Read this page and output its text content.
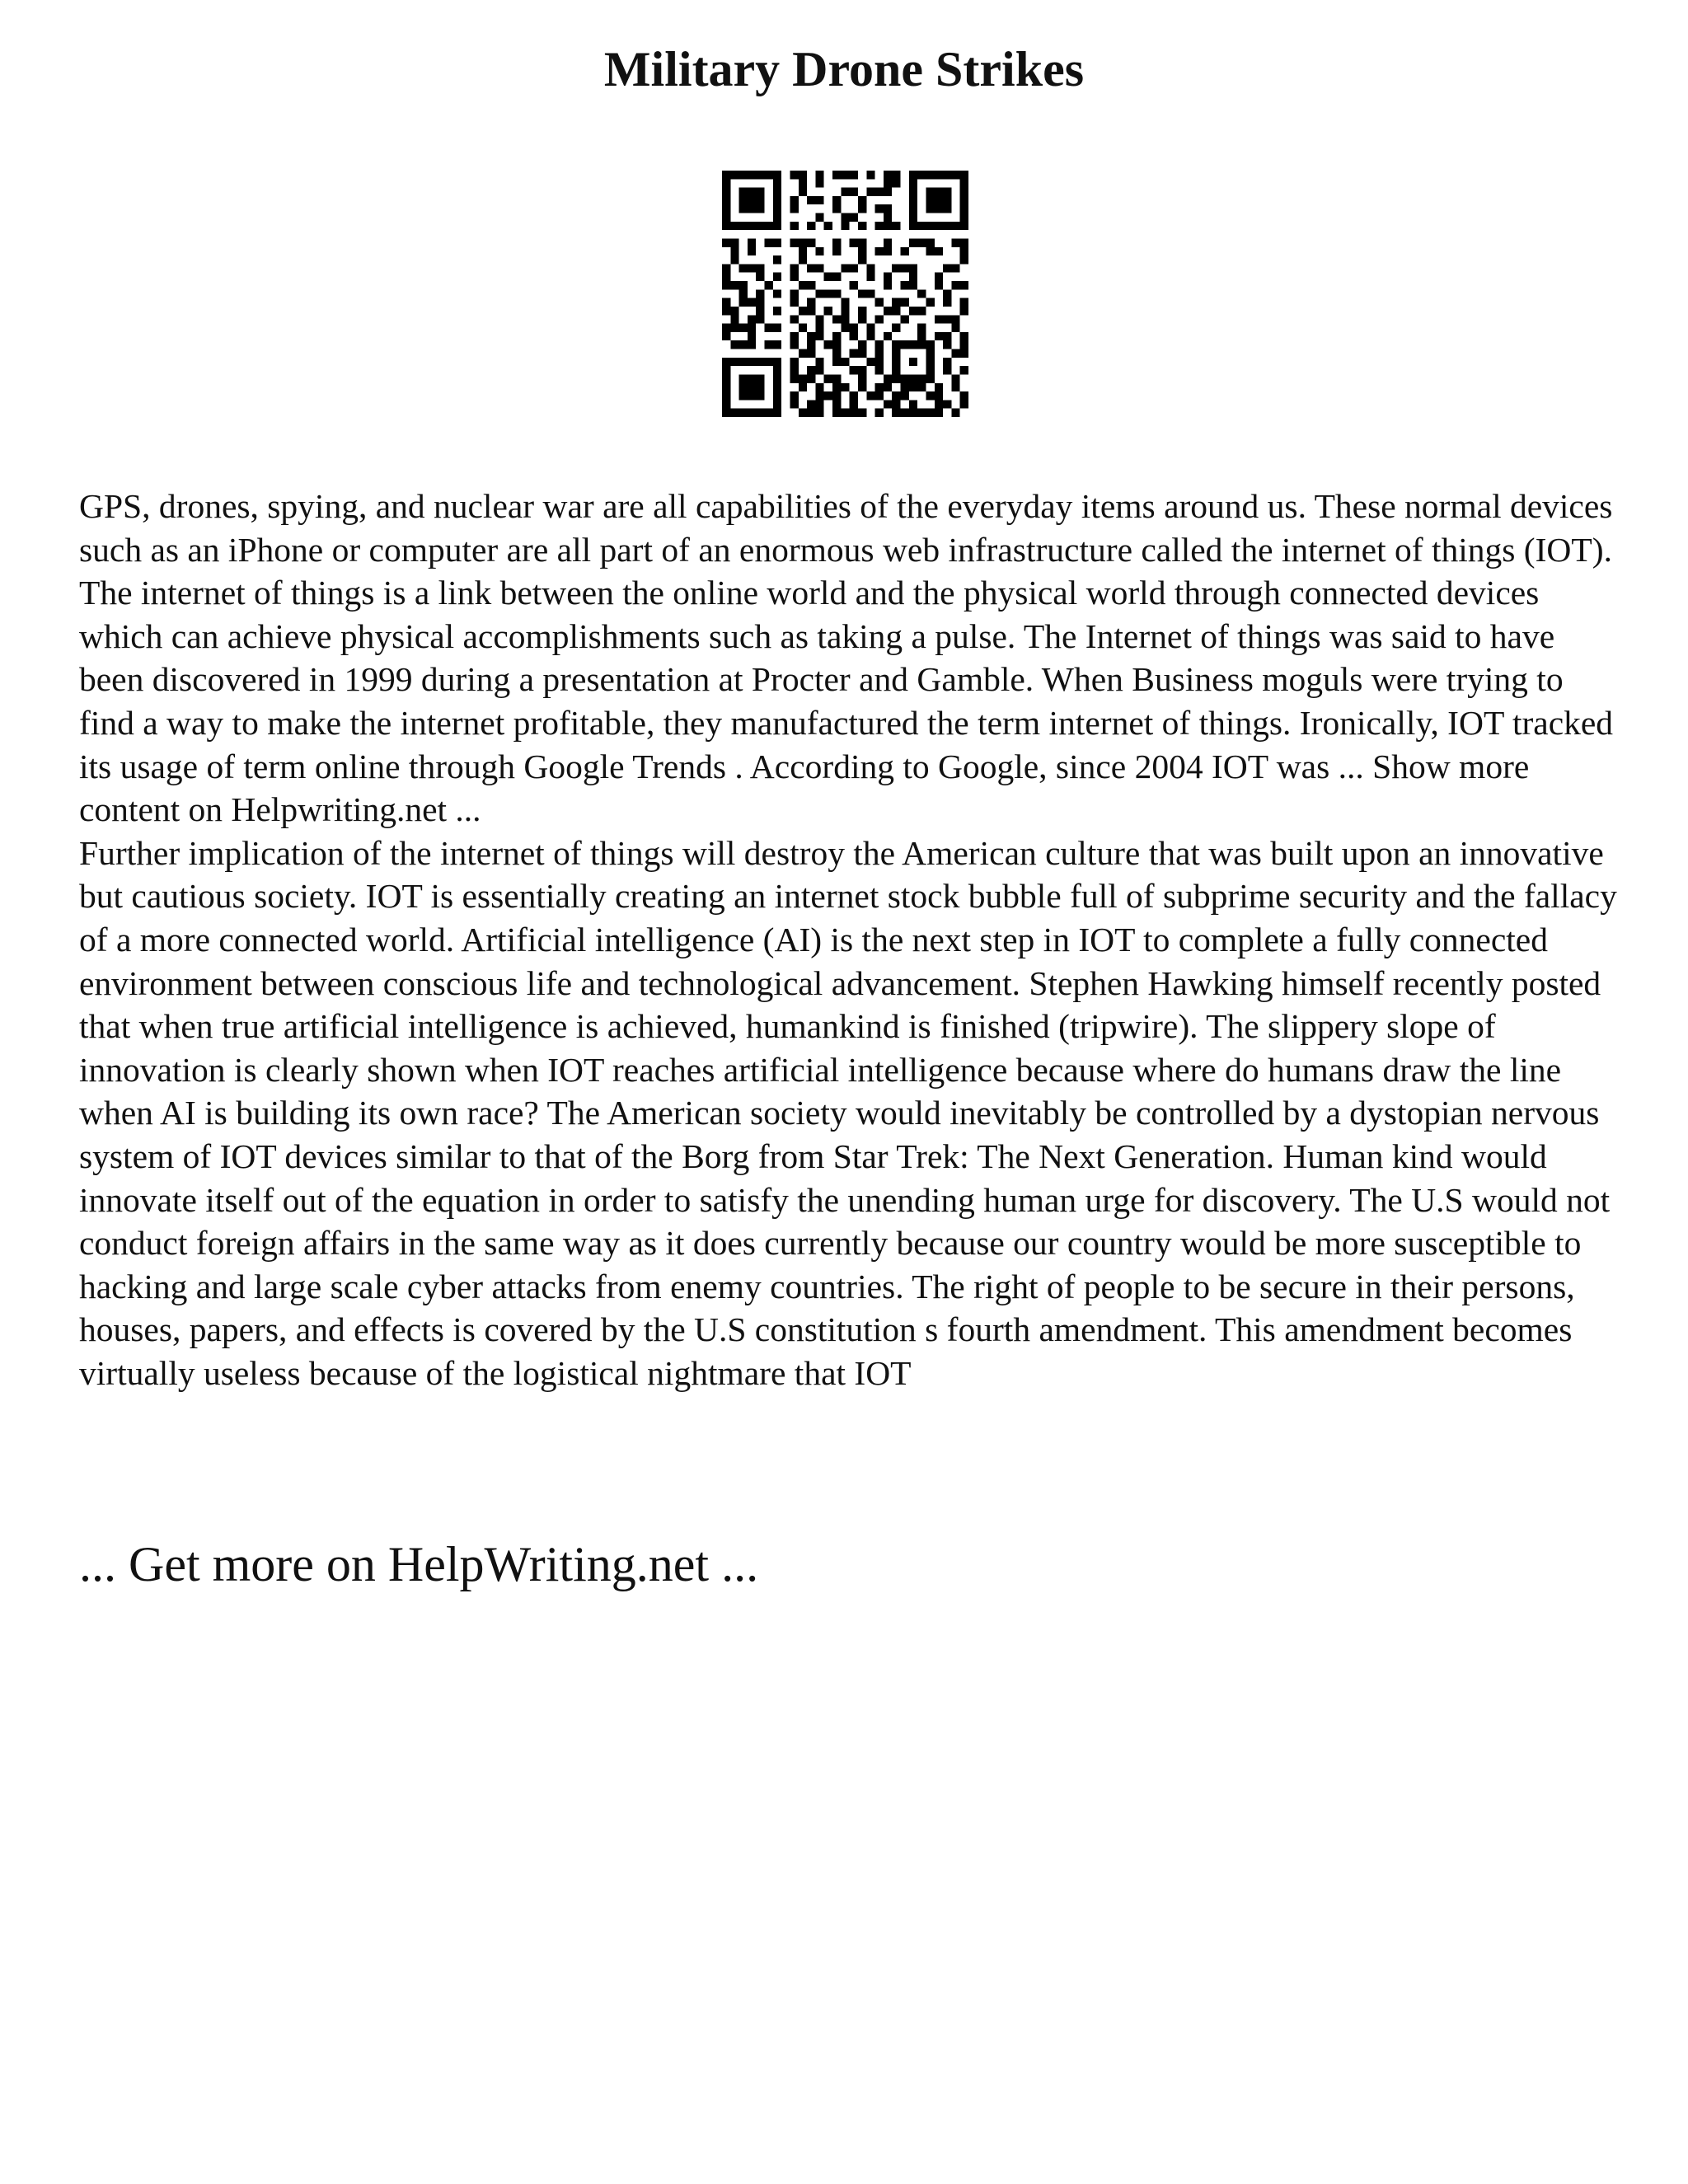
Military Drone Strikes

GPS, drones, spying, and nuclear war are all capabilities of the everyday items around us. These normal devices such as an iPhone or computer are all part of an enormous web infrastructure called the internet of things (IOT). The internet of things is a link between the online world and the physical world through connected devices which can achieve physical accomplishments such as taking a pulse. The Internet of things was said to have been discovered in 1999 during a presentation at Procter and Gamble. When Business moguls were trying to find a way to make the internet profitable, they manufactured the term internet of things. Ironically, IOT tracked its usage of term online through Google Trends . According to Google, since 2004 IOT was ... Show more content on Helpwriting.net ...

Further implication of the internet of things will destroy the American culture that was built upon an innovative but cautious society. IOT is essentially creating an internet stock bubble full of subprime security and the fallacy of a more connected world. Artificial intelligence (AI) is the next step in IOT to complete a fully connected environment between conscious life and technological advancement. Stephen Hawking himself recently posted that when true artificial intelligence is achieved, humankind is finished (tripwire). The slippery slope of innovation is clearly shown when IOT reaches artificial intelligence because where do humans draw the line when AI is building its own race? The American society would inevitably be controlled by a dystopian nervous system of IOT devices similar to that of the Borg from Star Trek: The Next Generation. Human kind would innovate itself out of the equation in order to satisfy the unending human urge for discovery. The U.S would not conduct foreign affairs in the same way as it does currently because our country would be more susceptible to hacking and large scale cyber attacks from enemy countries. The right of people to be secure in their persons, houses, papers, and effects is covered by the U.S constitution s fourth amendment. This amendment becomes virtually useless because of the logistical nightmare that IOT

... Get more on HelpWriting.net ...
